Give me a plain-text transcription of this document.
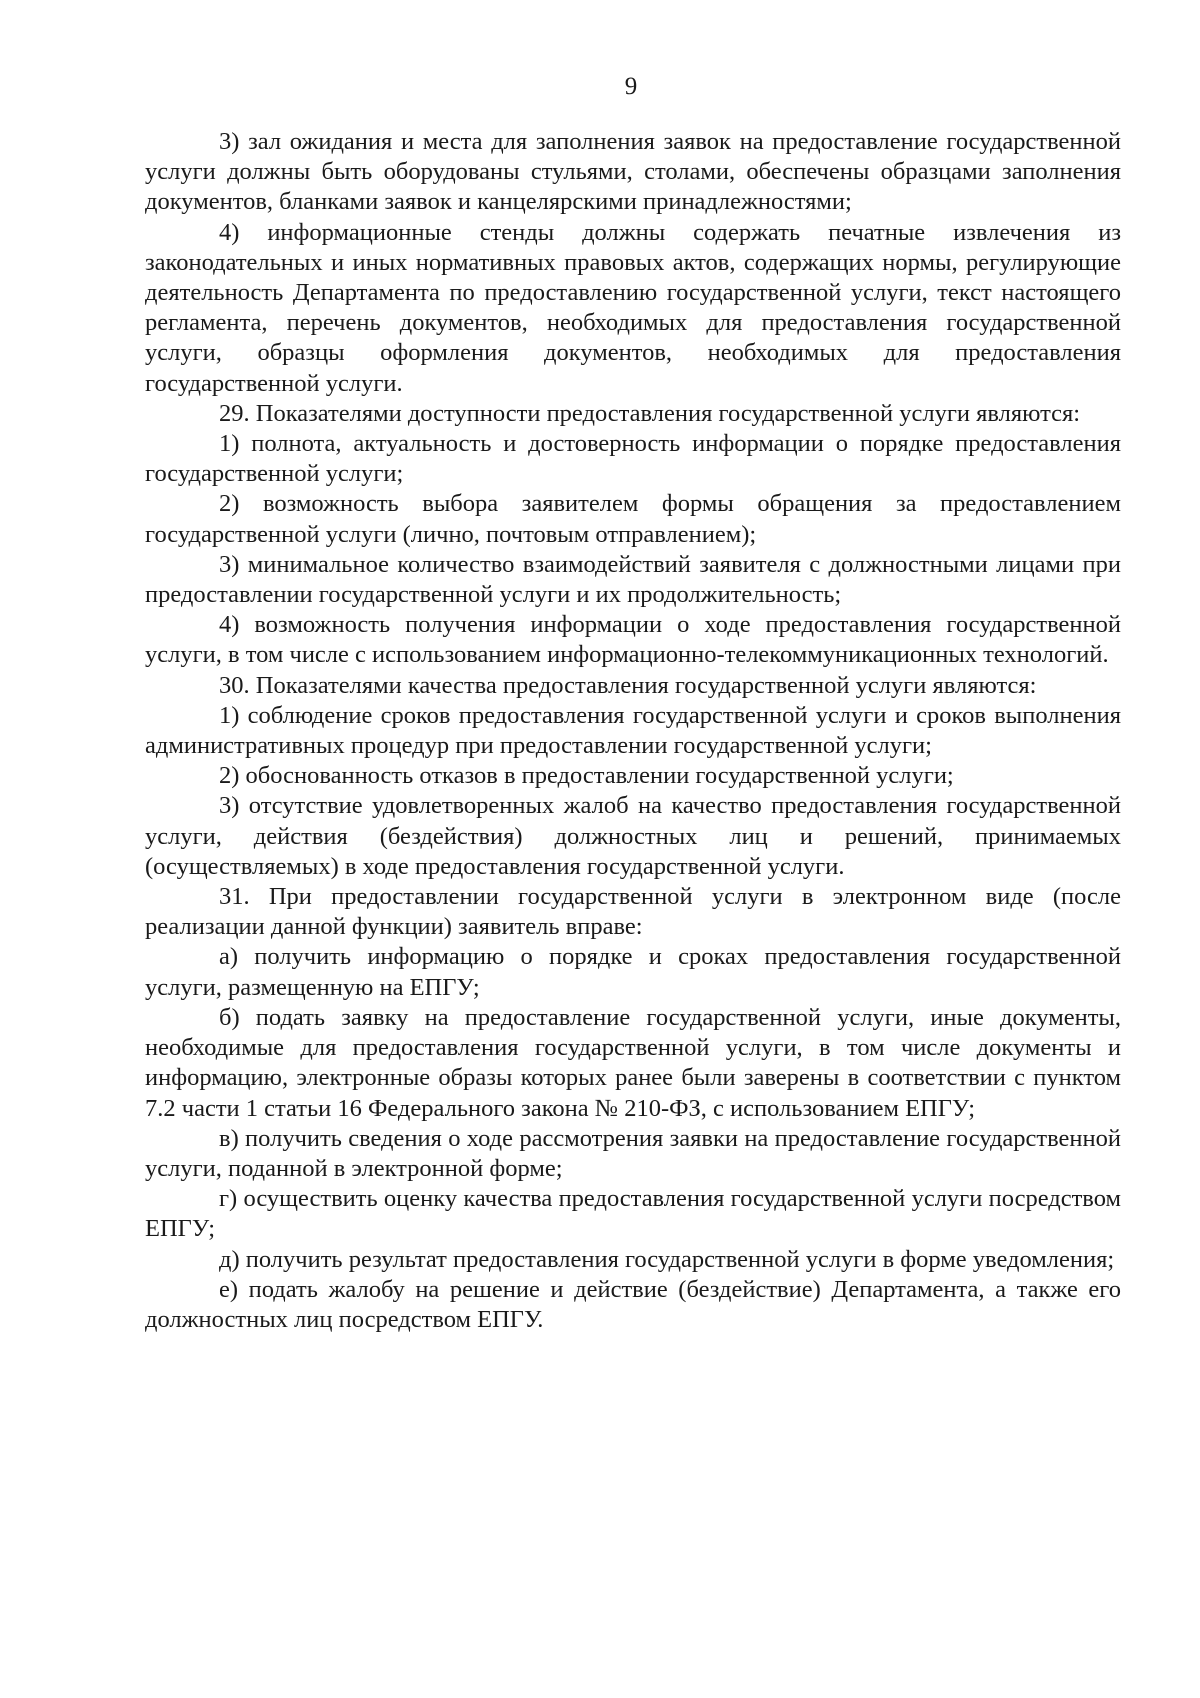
9

3) зал ожидания и места для заполнения заявок на предоставление государственной услуги должны быть оборудованы стульями, столами, обеспечены образцами заполнения документов, бланками заявок и канцелярскими принадлежностями;

4) информационные стенды должны содержать печатные извлечения из законодательных и иных нормативных правовых актов, содержащих нормы, регулирующие деятельность Департамента по предоставлению государственной услуги, текст настоящего регламента, перечень документов, необходимых для предоставления государственной услуги, образцы оформления документов, необходимых для предоставления государственной услуги.

29. Показателями доступности предоставления государственной услуги являются:

1) полнота, актуальность и достоверность информации о порядке предоставления государственной услуги;

2) возможность выбора заявителем формы обращения за предоставлением государственной услуги (лично, почтовым отправлением);

3) минимальное количество взаимодействий заявителя с должностными лицами при предоставлении государственной услуги и их продолжительность;

4) возможность получения информации о ходе предоставления государственной услуги, в том числе с использованием информационно-телекоммуникационных технологий.

30. Показателями качества предоставления государственной услуги являются:

1) соблюдение сроков предоставления государственной услуги и сроков выполнения административных процедур при предоставлении государственной услуги;

2) обоснованность отказов в предоставлении государственной услуги;

3) отсутствие удовлетворенных жалоб на качество предоставления государственной услуги, действия (бездействия) должностных лиц и решений, принимаемых (осуществляемых) в ходе предоставления государственной услуги.

31. При предоставлении государственной услуги в электронном виде (после реализации данной функции) заявитель вправе:

а) получить информацию о порядке и сроках предоставления государственной услуги, размещенную на ЕПГУ;

б) подать заявку на предоставление государственной услуги, иные документы, необходимые для предоставления государственной услуги, в том числе документы и информацию, электронные образы которых ранее были заверены в соответствии с пунктом 7.2 части 1 статьи 16 Федерального закона № 210-ФЗ, с использованием ЕПГУ;

в) получить сведения о ходе рассмотрения заявки на предоставление государственной услуги, поданной в электронной форме;

г) осуществить оценку качества предоставления государственной услуги посредством ЕПГУ;

д) получить результат предоставления государственной услуги в форме уведомления;

е) подать жалобу на решение и действие (бездействие) Департамента, а также его должностных лиц посредством ЕПГУ.
